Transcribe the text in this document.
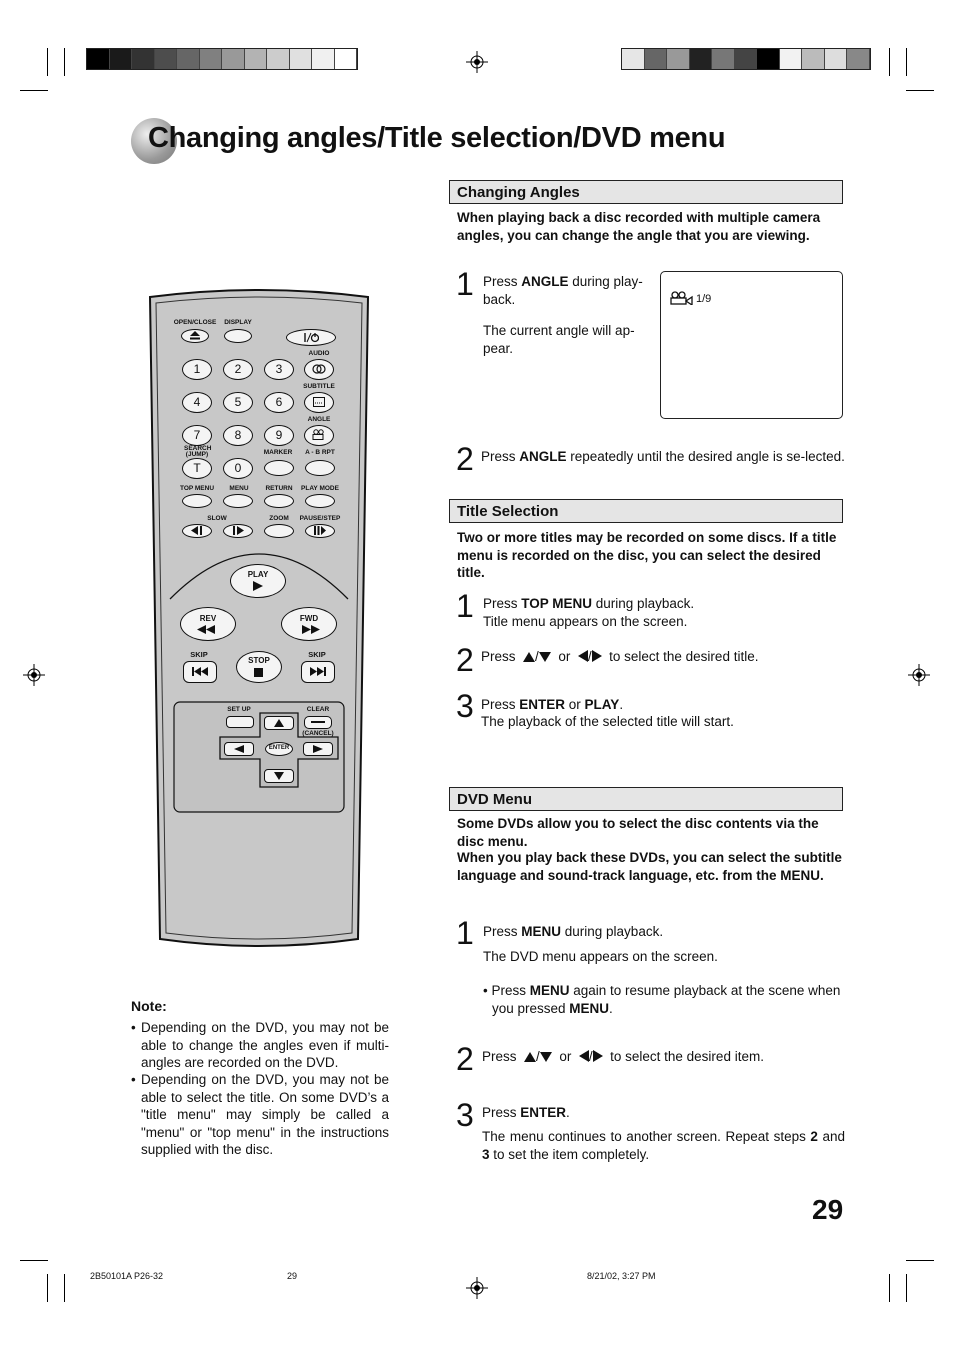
Changing angles/Title selection/DVD menu
Changing Angles
When playing back a disc recorded with multiple camera angles, you can change the angle that you are viewing.
1 Press ANGLE during play-back.
The current angle will ap-pear.
1/9
2 Press ANGLE repeatedly until the desired angle is se-lected.
Title Selection
Two or more titles may be recorded on some discs. If a title menu is recorded on the disc, you can select the desired title.
1 Press TOP MENU during playback.
Title menu appears on the screen.
2 Press / or / to select the desired title.
3 Press ENTER or PLAY.
The playback of the selected title will start.
DVD Menu
Some DVDs allow you to select the disc contents via the disc menu.
When you play back these DVDs, you can select the subtitle language and sound-track language, etc. from the MENU.
1 Press MENU during playback.
The DVD menu appears on the screen.
• Press MENU again to resume playback at the scene when you pressed MENU.
2 Press / or / to select the desired item.
3 Press ENTER.
The menu continues to another screen. Repeat steps 2 and 3 to set the item completely.
Note:
• Depending on the DVD, you may not be able to change the angles even if multi-angles are recorded on the DVD.
• Depending on the DVD, you may not be able to select the title. On some DVD’s a "title menu" may simply be called a "menu" or "top menu" in the instructions supplied with the disc.
29
2B50101A P26-32	29	8/21/02, 3:27 PM
OPEN/CLOSE DISPLAY
1	2	3
4	5	6
7	8	9
T	0
AUDIO
SUBTITLE
ANGLE
SEARCH (JUMP)	MARKER A - B RPT
TOP MENU MENU	RETURN PLAY MODE
SLOW	ZOOM PAUSE/STEP
PLAY
REV	FWD
SKIP	SKIP
STOP
SET UP	CLEAR
(CANCEL)
ENTER
